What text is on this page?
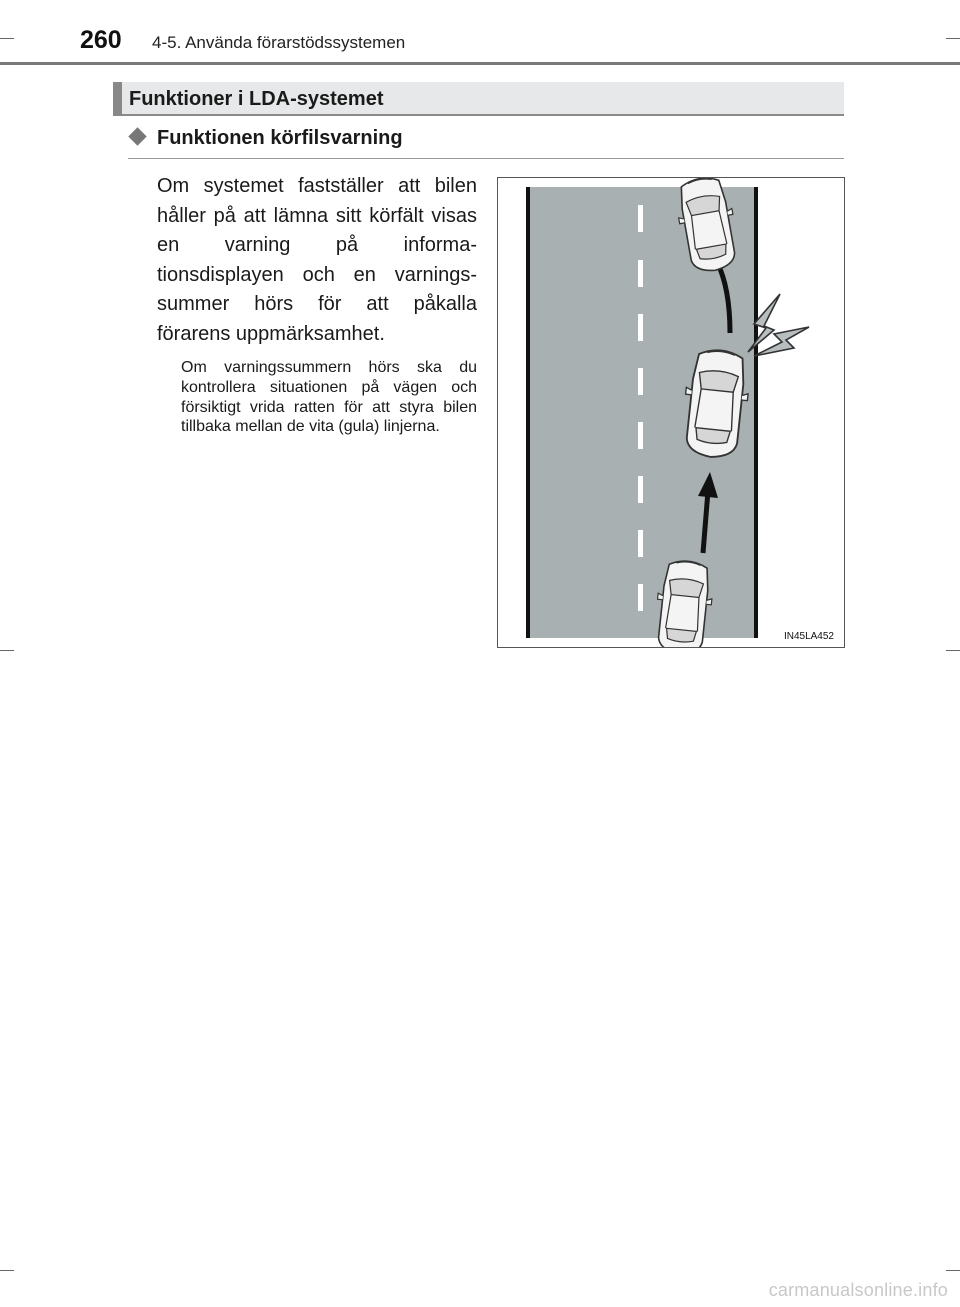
260 4-5. Använda förarstödssystemen
Funktioner i LDA-systemet
Funktionen körfilsvarning
Om systemet fastställer att bilen håller på att lämna sitt körfält visas en varning på informa- tionsdisplayen och en varnings- summer hörs för att påkalla förarens uppmärksamhet.
Om varningssummern hörs ska du kontrollera situationen på vägen och försiktigt vrida ratten för att styra bilen tillbaka mellan de vita (gula) linjerna.
IN45LA452
carmanualsonline.info
